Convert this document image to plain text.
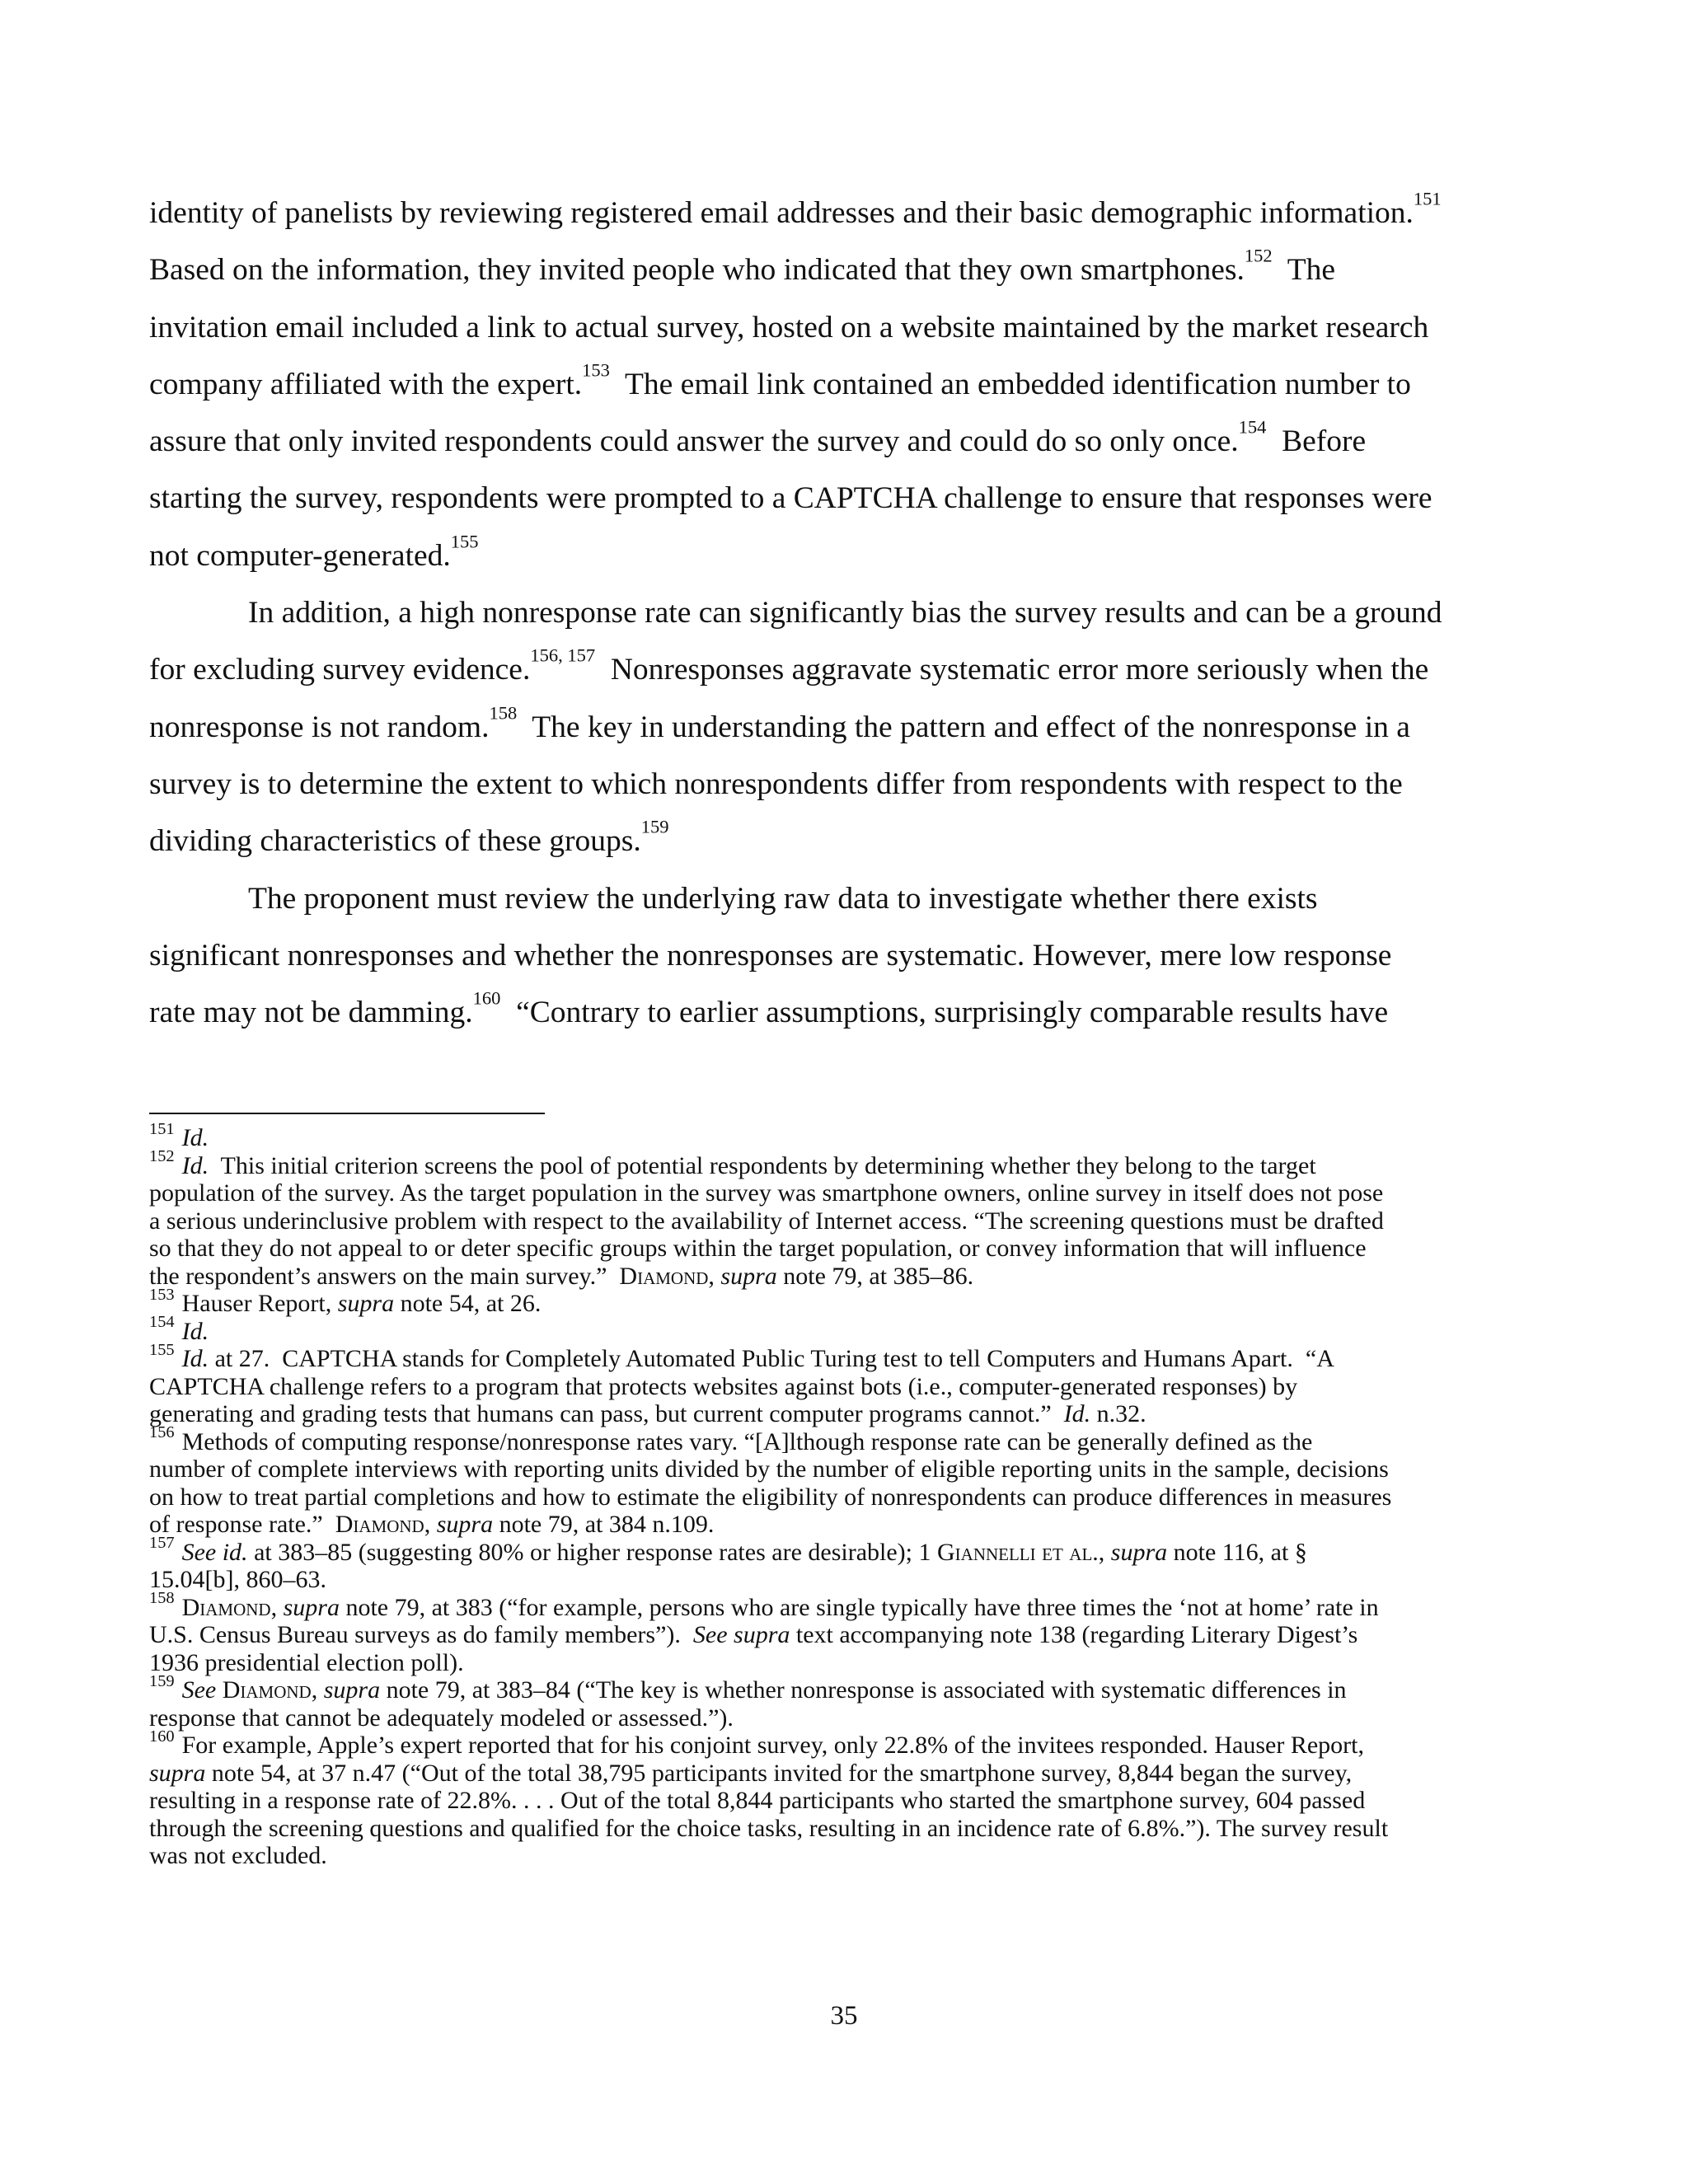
identity of panelists by reviewing registered email addresses and their basic demographic information.$^{151}$
Based on the information, they invited people who indicated that they own smartphones.$^{152}$  The
invitation email included a link to actual survey, hosted on a website maintained by the market research
company affiliated with the expert.$^{153}$  The email link contained an embedded identification number to
assure that only invited respondents could answer the survey and could do so only once.$^{154}$  Before
starting the survey, respondents were prompted to a CAPTCHA challenge to ensure that responses were
not computer-generated.$^{155}$

In addition, a high nonresponse rate can significantly bias the survey results and can be a ground
for excluding survey evidence.$^{156, 157}$  Nonresponses aggravate systematic error more seriously when the
nonresponse is not random.$^{158}$  The key in understanding the pattern and effect of the nonresponse in a
survey is to determine the extent to which nonrespondents differ from respondents with respect to the
dividing characteristics of these groups.$^{159}$

The proponent must review the underlying raw data to investigate whether there exists
significant nonresponses and whether the nonresponses are systematic. However, mere low response
rate may not be damming.$^{160}$  “Contrary to earlier assumptions, surprisingly comparable results have

$^{151}$ Id.
$^{152}$ Id.  This initial criterion screens the pool of potential respondents by determining whether they belong to the target
population of the survey. As the target population in the survey was smartphone owners, online survey in itself does not pose
a serious underinclusive problem with respect to the availability of Internet access. “The screening questions must be drafted
so that they do not appeal to or deter specific groups within the target population, or convey information that will influence
the respondent’s answers on the main survey.”  Diamond, supra note 79, at 385–86.
$^{153}$ Hauser Report, supra note 54, at 26.
$^{154}$ Id.
$^{155}$ Id. at 27.  CAPTCHA stands for Completely Automated Public Turing test to tell Computers and Humans Apart.  “A
CAPTCHA challenge refers to a program that protects websites against bots (i.e., computer-generated responses) by
generating and grading tests that humans can pass, but current computer programs cannot.”  Id. n.32.
$^{156}$ Methods of computing response/nonresponse rates vary. “[A]lthough response rate can be generally defined as the
number of complete interviews with reporting units divided by the number of eligible reporting units in the sample, decisions
on how to treat partial completions and how to estimate the eligibility of nonrespondents can produce differences in measures
of response rate.”  Diamond, supra note 79, at 384 n.109.
$^{157}$ See id. at 383–85 (suggesting 80% or higher response rates are desirable); 1 Giannelli et al., supra note 116, at §
15.04[b], 860–63.
$^{158}$ Diamond, supra note 79, at 383 (“for example, persons who are single typically have three times the ‘not at home’ rate in
U.S. Census Bureau surveys as do family members”).  See supra text accompanying note 138 (regarding Literary Digest’s
1936 presidential election poll).
$^{159}$ See Diamond, supra note 79, at 383–84 (“The key is whether nonresponse is associated with systematic differences in
response that cannot be adequately modeled or assessed.”).
$^{160}$ For example, Apple’s expert reported that for his conjoint survey, only 22.8% of the invitees responded. Hauser Report,
supra note 54, at 37 n.47 (“Out of the total 38,795 participants invited for the smartphone survey, 8,844 began the survey,
resulting in a response rate of 22.8%. . . . Out of the total 8,844 participants who started the smartphone survey, 604 passed
through the screening questions and qualified for the choice tasks, resulting in an incidence rate of 6.8%.”). The survey result
was not excluded.
35
